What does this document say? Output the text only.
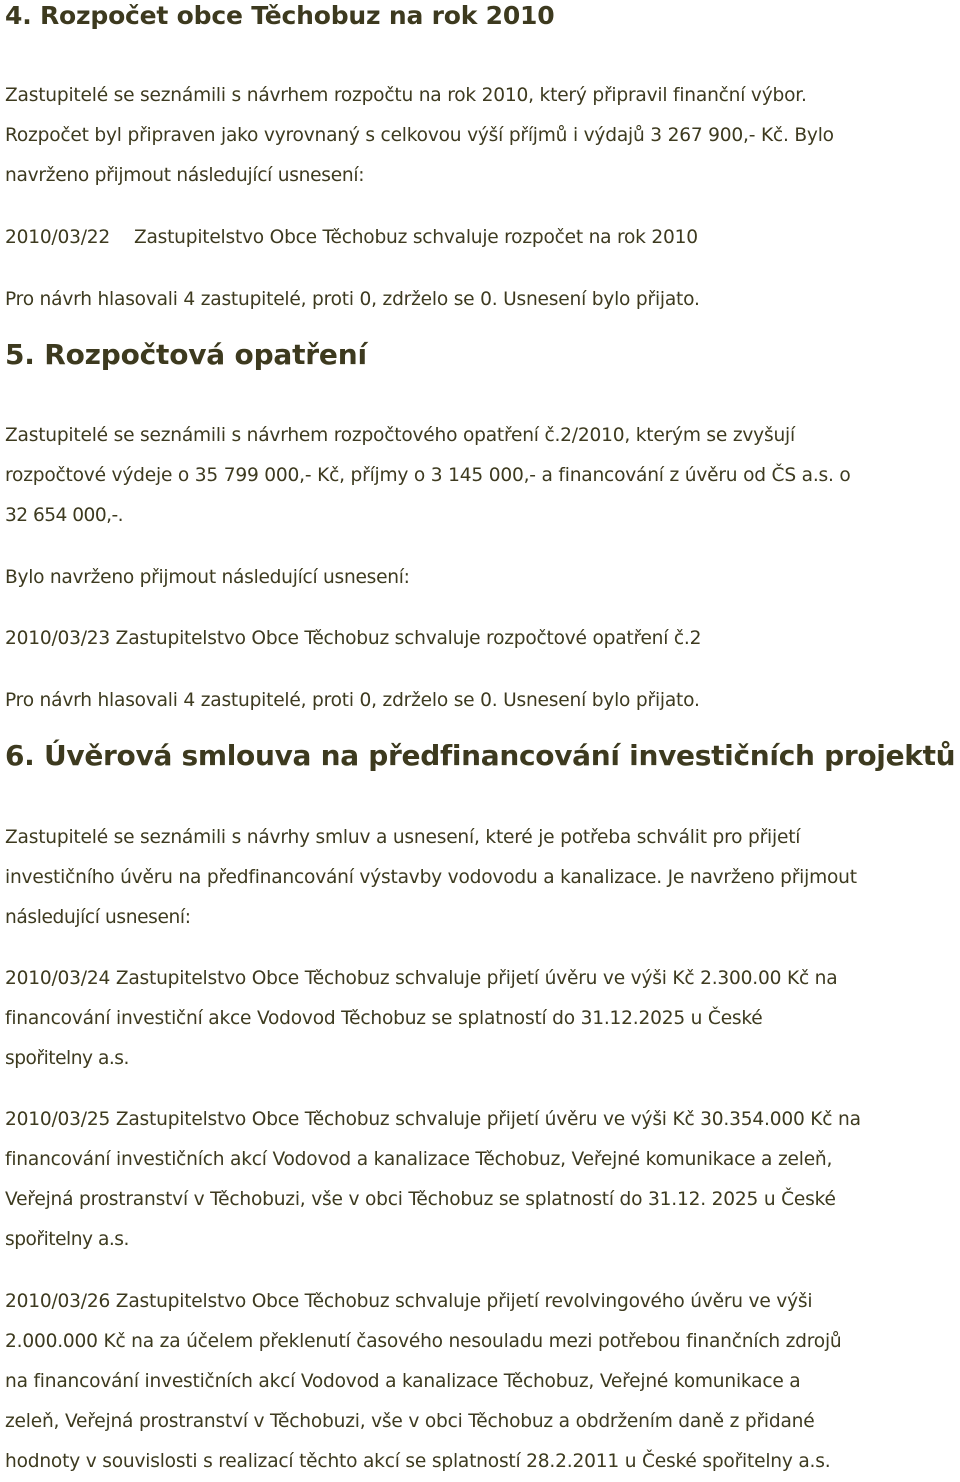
4. Rozpočet obce Těchobuz na rok 2010

Zastupitelé se seznámili s návrhem rozpočtu na rok 2010, který připravil finanční výbor.
Rozpočet byl připraven jako vyrovnaný s celkovou výší příjmů i výdajů 3 267 900,- Kč. Bylo
navrženo přijmout následující usnesení:

2010/03/22 Zastupitelstvo Obce Těchobuz schvaluje rozpočet na rok 2010

Pro návrh hlasovali 4 zastupitelé, proti 0, zdrželo se 0. Usnesení bylo přijato.

5. Rozpočtová opatření

Zastupitelé se seznámili s návrhem rozpočtového opatření č.2/2010, kterým se zvyšují
rozpočtové výdeje o 35 799 000,- Kč, příjmy o 3 145 000,- a financování z úvěru od ČS a.s. o
32 654 000,-.

Bylo navrženo přijmout následující usnesení:

2010/03/23 Zastupitelstvo Obce Těchobuz schvaluje rozpočtové opatření č.2

Pro návrh hlasovali 4 zastupitelé, proti 0, zdrželo se 0. Usnesení bylo přijato.

6. Úvěrová smlouva na předfinancování investičních projektů

Zastupitelé se seznámili s návrhy smluv a usnesení, které je potřeba schválit pro přijetí
investičního úvěru na předfinancování výstavby vodovodu a kanalizace. Je navrženo přijmout
následující usnesení:

2010/03/24 Zastupitelstvo Obce Těchobuz schvaluje přijetí úvěru ve výši Kč 2.300.00 Kč na
financování investiční akce Vodovod Těchobuz se splatností do 31.12.2025 u České
spořitelny a.s.

2010/03/25 Zastupitelstvo Obce Těchobuz schvaluje přijetí úvěru ve výši Kč 30.354.000 Kč na
financování investičních akcí Vodovod a kanalizace Těchobuz, Veřejné komunikace a zeleň,
Veřejná prostranství v Těchobuzi, vše v obci Těchobuz se splatností do 31.12. 2025 u České
spořitelny a.s.

2010/03/26 Zastupitelstvo Obce Těchobuz schvaluje přijetí revolvingového úvěru ve výši
2.000.000 Kč na za účelem překlenutí časového nesouladu mezi potřebou finančních zdrojů
na financování investičních akcí Vodovod a kanalizace Těchobuz, Veřejné komunikace a
zeleň, Veřejná prostranství v Těchobuzi, vše v obci Těchobuz a obdržením daně z přidané
hodnoty v souvislosti s realizací těchto akcí se splatností 28.2.2011 u České spořitelny a.s.
